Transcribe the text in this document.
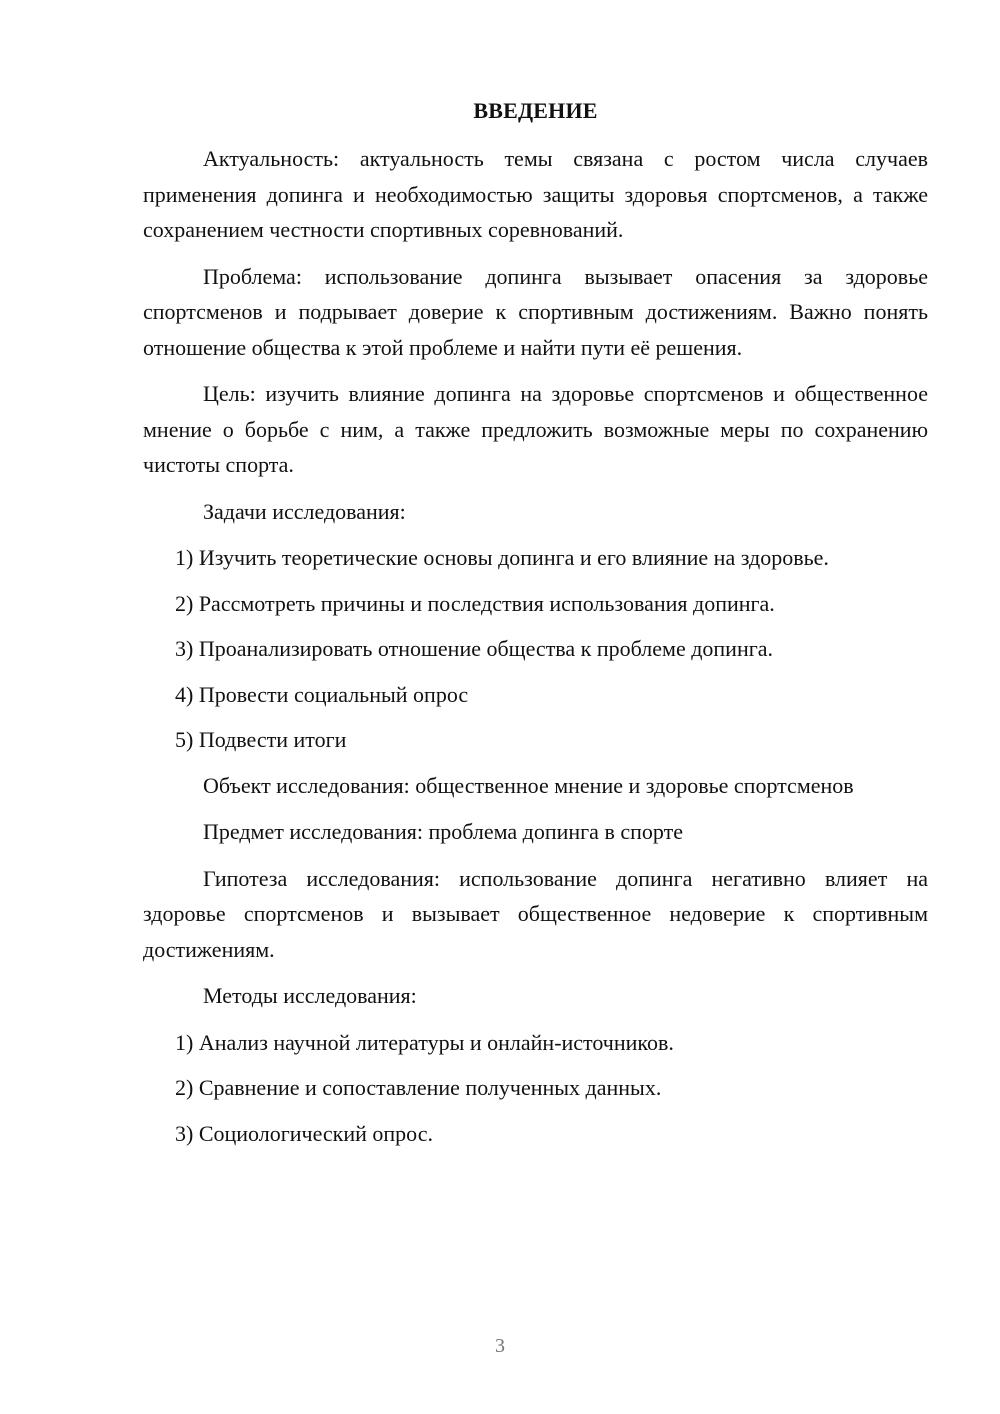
ВВЕДЕНИЕ

Актуальность: актуальность темы связана с ростом числа случаев применения допинга и необходимостью защиты здоровья спортсменов, а также сохранением честности спортивных соревнований.

Проблема: использование допинга вызывает опасения за здоровье спортсменов и подрывает доверие к спортивным достижениям. Важно понять отношение общества к этой проблеме и найти пути её решения.

Цель: изучить влияние допинга на здоровье спортсменов и общественное мнение о борьбе с ним, а также предложить возможные меры по сохранению чистоты спорта.

Задачи исследования:

1) Изучить теоретические основы допинга и его влияние на здоровье.
2) Рассмотреть причины и последствия использования допинга.
3) Проанализировать отношение общества к проблеме допинга.
4) Провести социальный опрос
5) Подвести итоги

Объект исследования: общественное мнение и здоровье спортсменов

Предмет исследования: проблема допинга в спорте

Гипотеза исследования: использование допинга негативно влияет на здоровье спортсменов и вызывает общественное недоверие к спортивным достижениям.

Методы исследования:

1) Анализ научной литературы и онлайн-источников.
2) Сравнение и сопоставление полученных данных.
3) Социологический опрос.
3
